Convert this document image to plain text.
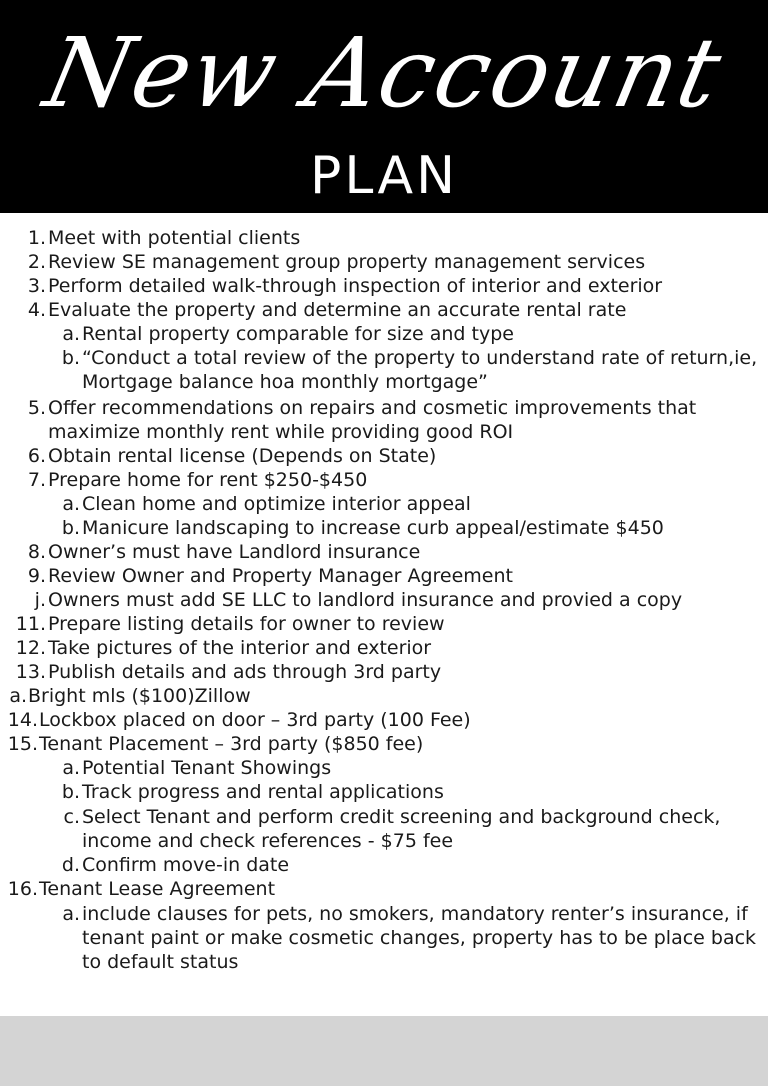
New Account
PLAN
1. Meet with potential clients
2. Review SE management group property management services
3. Perform detailed walk-through inspection of interior and exterior
4. Evaluate the property and determine an accurate rental rate
a. Rental property comparable for size and type
b. “Conduct a total review of the property to understand rate of return,ie,
Mortgage balance hoa monthly mortgage”
5. Offer recommendations on repairs and cosmetic improvements that
maximize monthly rent while providing good ROI
6. Obtain rental license (Depends on State)
7. Prepare home for rent $250-$450
a. Clean home and optimize interior appeal
b. Manicure landscaping to increase curb appeal/estimate $450
8. Owner’s must have Landlord insurance
9. Review Owner and Property Manager Agreement
j. Owners must add SE LLC to landlord insurance and provied a copy
11. Prepare listing details for owner to review
12. Take pictures of the interior and exterior
13. Publish details and ads through 3rd party
a. Bright mls ($100)Zillow
14. Lockbox placed on door – 3rd party (100 Fee)
15. Tenant Placement – 3rd party ($850 fee)
a. Potential Tenant Showings
b. Track progress and rental applications
c. Select Tenant and perform credit screening and background check,
income and check references - $75 fee
d. Confirm move-in date
16. Tenant Lease Agreement
a. include clauses for pets, no smokers, mandatory renter’s insurance, if
tenant paint or make cosmetic changes, property has to be place back
to default status
